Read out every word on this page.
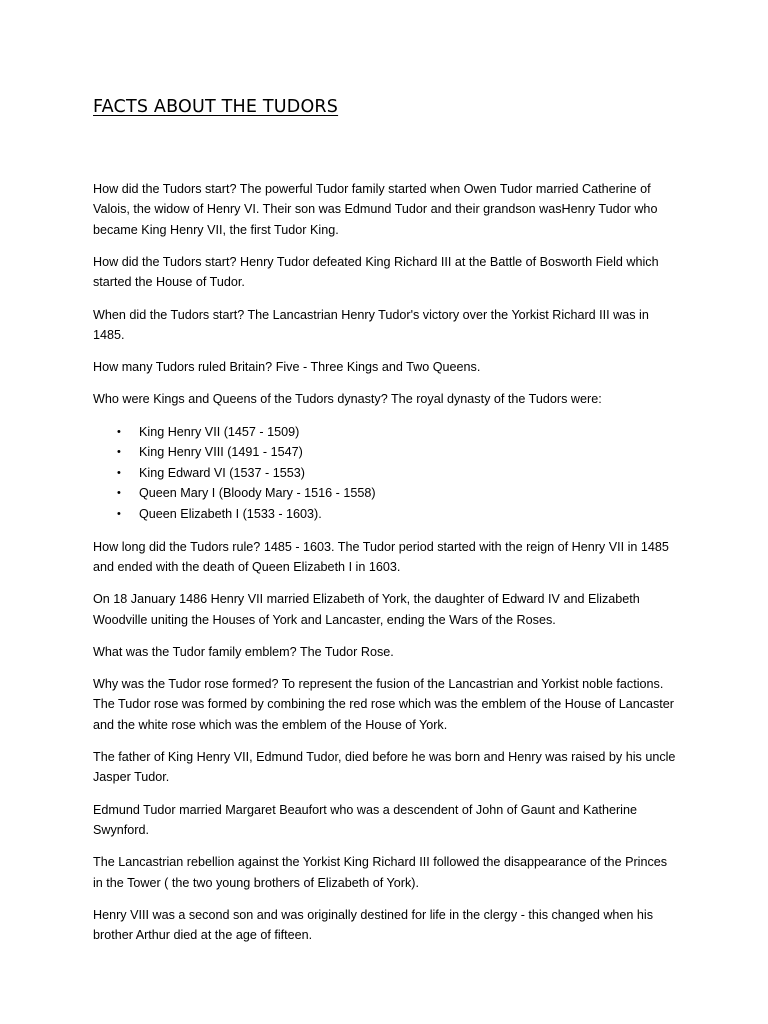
FACTS ABOUT THE TUDORS

How did the Tudors start? The powerful Tudor family started when Owen Tudor married Catherine of Valois, the widow of Henry VI. Their son was Edmund Tudor and their grandson wasHenry Tudor who became King Henry VII, the first Tudor King.

How did the Tudors start? Henry Tudor defeated King Richard III at the Battle of Bosworth Field which started the House of Tudor.

When did the Tudors start? The Lancastrian Henry Tudor's victory over the Yorkist Richard III was in 1485.

How many Tudors ruled Britain? Five - Three Kings and Two Queens.

Who were Kings and Queens of the Tudors dynasty? The royal dynasty of the Tudors were:

• King Henry VII (1457 - 1509)
• King Henry VIII (1491 - 1547)
• King Edward VI (1537 - 1553)
• Queen Mary I (Bloody Mary - 1516 - 1558)
• Queen Elizabeth I (1533 - 1603).

How long did the Tudors rule? 1485 - 1603. The Tudor period started with the reign of Henry VII in 1485 and ended with the death of Queen Elizabeth I in 1603.

On 18 January 1486 Henry VII married Elizabeth of York, the daughter of Edward IV and Elizabeth Woodville uniting the Houses of York and Lancaster, ending the Wars of the Roses.

What was the Tudor family emblem? The Tudor Rose.

Why was the Tudor rose formed? To represent the fusion of the Lancastrian and Yorkist noble factions. The Tudor rose was formed by combining the red rose which was the emblem of the House of Lancaster and the white rose which was the emblem of the House of York.

The father of King Henry VII, Edmund Tudor, died before he was born and Henry was raised by his uncle Jasper Tudor.

Edmund Tudor married Margaret Beaufort who was a descendent of John of Gaunt and Katherine Swynford.

The Lancastrian rebellion against the Yorkist King Richard III followed the disappearance of the Princes in the Tower ( the two young brothers of Elizabeth of York).

Henry VIII was a second son and was originally destined for life in the clergy - this changed when his brother Arthur died at the age of fifteen.
